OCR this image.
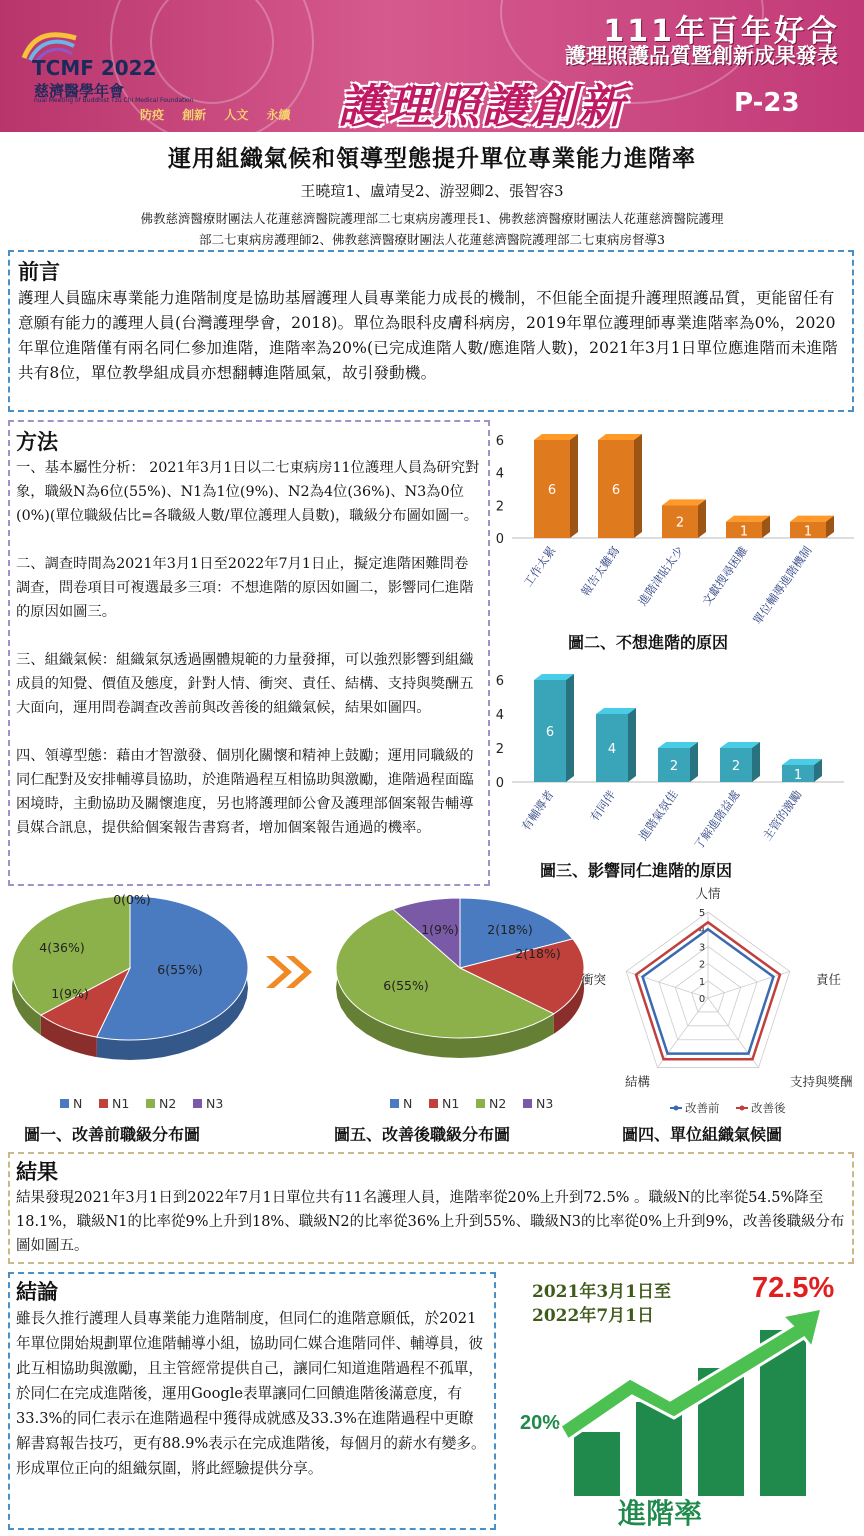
TCMF 2022
慈濟醫學年會
nual Meeting of Buddhist Tzu Chi Medical Foundation
防疫 創新 人文 永續
111年百年好合
護理照護品質暨創新成果發表
護理照護創新	P-23
運用組織氣候和領導型態提升單位專業能力進階率
王曉瑄1、盧靖旻2、游翌卿2、張智容3
佛教慈濟醫療財團法人花蓮慈濟醫院護理部二七東病房護理長1、佛教慈濟醫療財團法人花蓮慈濟醫院護理
部二七東病房護理師2、佛教慈濟醫療財團法人花蓮慈濟醫院護理部二七東病房督導3
前言
護理人員臨床專業能力進階制度是協助基層護理人員專業能力成長的機制，不但能全面提升護理照護品質，更能留任有意願有能力的護理人員(台灣護理學會，2018)。單位為眼科皮膚科病房，2019年單位護理師專業進階率為0%，2020年單位進階僅有兩名同仁參加進階，進階率為20%(已完成進階人數/應進階人數)，2021年3月1日單位應進階而未進階共有8位，單位教學組成員亦想翻轉進階風氣，故引發動機。
方法

一、基本屬性分析： 2021年3月1日以二七東病房11位護理人員為研究對象，職級N為6位(55%)、N1為1位(9%)、N2為4位(36%)、N3為0位(0%)(單位職級佔比=各職級人數/單位護理人員數)，職級分布圖如圖一。

二、調查時間為2021年3月1日至2022年7月1日止，擬定進階困難問卷調查，問卷項目可複選最多三項：不想進階的原因如圖二，影響同仁進階的原因如圖三。

三、組織氣候：組織氣氛透過團體規範的力量發揮，可以強烈影響到組織成員的知覺、價值及態度，針對人情、衝突、責任、結構、支持與獎酬五大面向，運用問卷調查改善前與改善後的組織氣候，結果如圖四。

四、領導型態：藉由才智激發、個別化關懷和精神上鼓勵；運用同職級的同仁配對及安排輔導員協助，於進階過程互相協助與激勵，進階過程面臨困境時，主動協助及關懷進度，另也將護理師公會及護理部個案報告輔導員媒合訊息，提供給個案報告書寫者，增加個案報告通過的機率。

0
2
4
6
6
工作太累
6
報告太難寫
2
進階津貼太少
1
文獻搜尋困難
1
單位輔導進階機制
圖二、不想進階的原因
0
2
4
6
6
有輔導者
4
有同伴
2
進階氣氛佳
2
了解進階益處
1
主管的激勵
圖三、影響同仁進階的原因
6(55%)
1(9%)
4(36%)
0(0%)
N N1 N2 N3
2(18%)
2(18%)
6(55%)
1(9%)
N N1 N2 N3
0
1
2
3
4
5
人情
責任
支持與獎酬
結構
衝突
改善前	改善後
圖一、改善前職級分布圖	圖五、改善後職級分布圖	圖四、單位組織氣候圖
結果
結果發現2021年3月1日到2022年7月1日單位共有11名護理人員，進階率從20%上升到72.5% 。職級N的比率從54.5%降至18.1%，職級N1的比率從9%上升到18%、職級N2的比率從36%上升到55%、職級N3的比率從0%上升到9%，改善後職級分布圖如圖五。
結論
雖長久推行護理人員專業能力進階制度，但同仁的進階意願低，於2021年單位開始規劃單位進階輔導小組，協助同仁媒合進階同伴、輔導員，彼此互相協助與激勵，且主管經常提供自己，讓同仁知道進階過程不孤單，於同仁在完成進階後，運用Google表單讓同仁回饋進階後滿意度，有33.3%的同仁表示在進階過程中獲得成就感及33.3%在進階過程中更瞭解書寫報告技巧，更有88.9%表示在完成進階後，每個月的薪水有變多。形成單位正向的組織氛圍，將此經驗提供分享。
2021年3月1日至
2022年7月1日
72.5%
20%
進階率
